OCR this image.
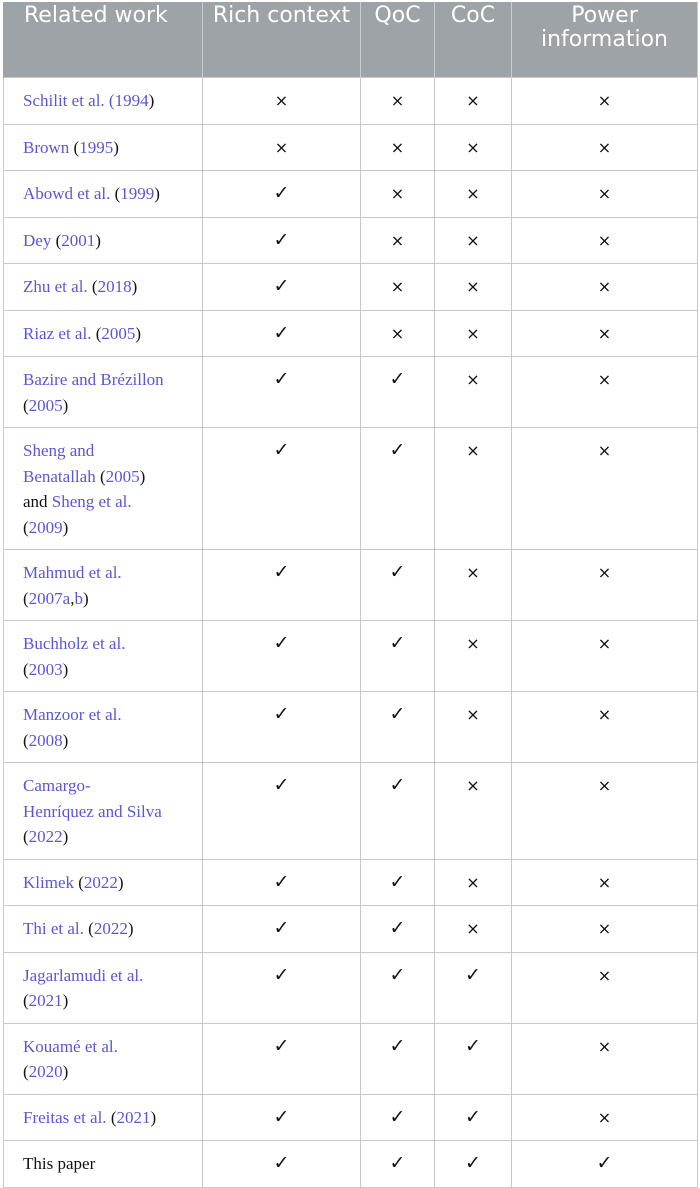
Related work	Rich context	QoC	CoC	Power information
Schilit et al. (1994)	×	×	×	×
Brown (1995)	×	×	×	×
Abowd et al. (1999)	✓	×	×	×
Dey (2001)	✓	×	×	×
Zhu et al. (2018)	✓	×	×	×
Riaz et al. (2005)	✓	×	×	×
Bazire and Brézillon
(2005)	✓	✓	×	×
Sheng and
Benatallah (2005)
and Sheng et al.
(2009)	✓	✓	×	×
Mahmud et al.
(2007a,b)	✓	✓	×	×
Buchholz et al.
(2003)	✓	✓	×	×
Manzoor et al.
(2008)	✓	✓	×	×
Camargo-
Henríquez and Silva
(2022)	✓	✓	×	×
Klimek (2022)	✓	✓	×	×
Thi et al. (2022)	✓	✓	×	×
Jagarlamudi et al.
(2021)	✓	✓	✓	×
Kouamé et al.
(2020)	✓	✓	✓	×
Freitas et al. (2021)	✓	✓	✓	×
This paper	✓	✓	✓	✓
